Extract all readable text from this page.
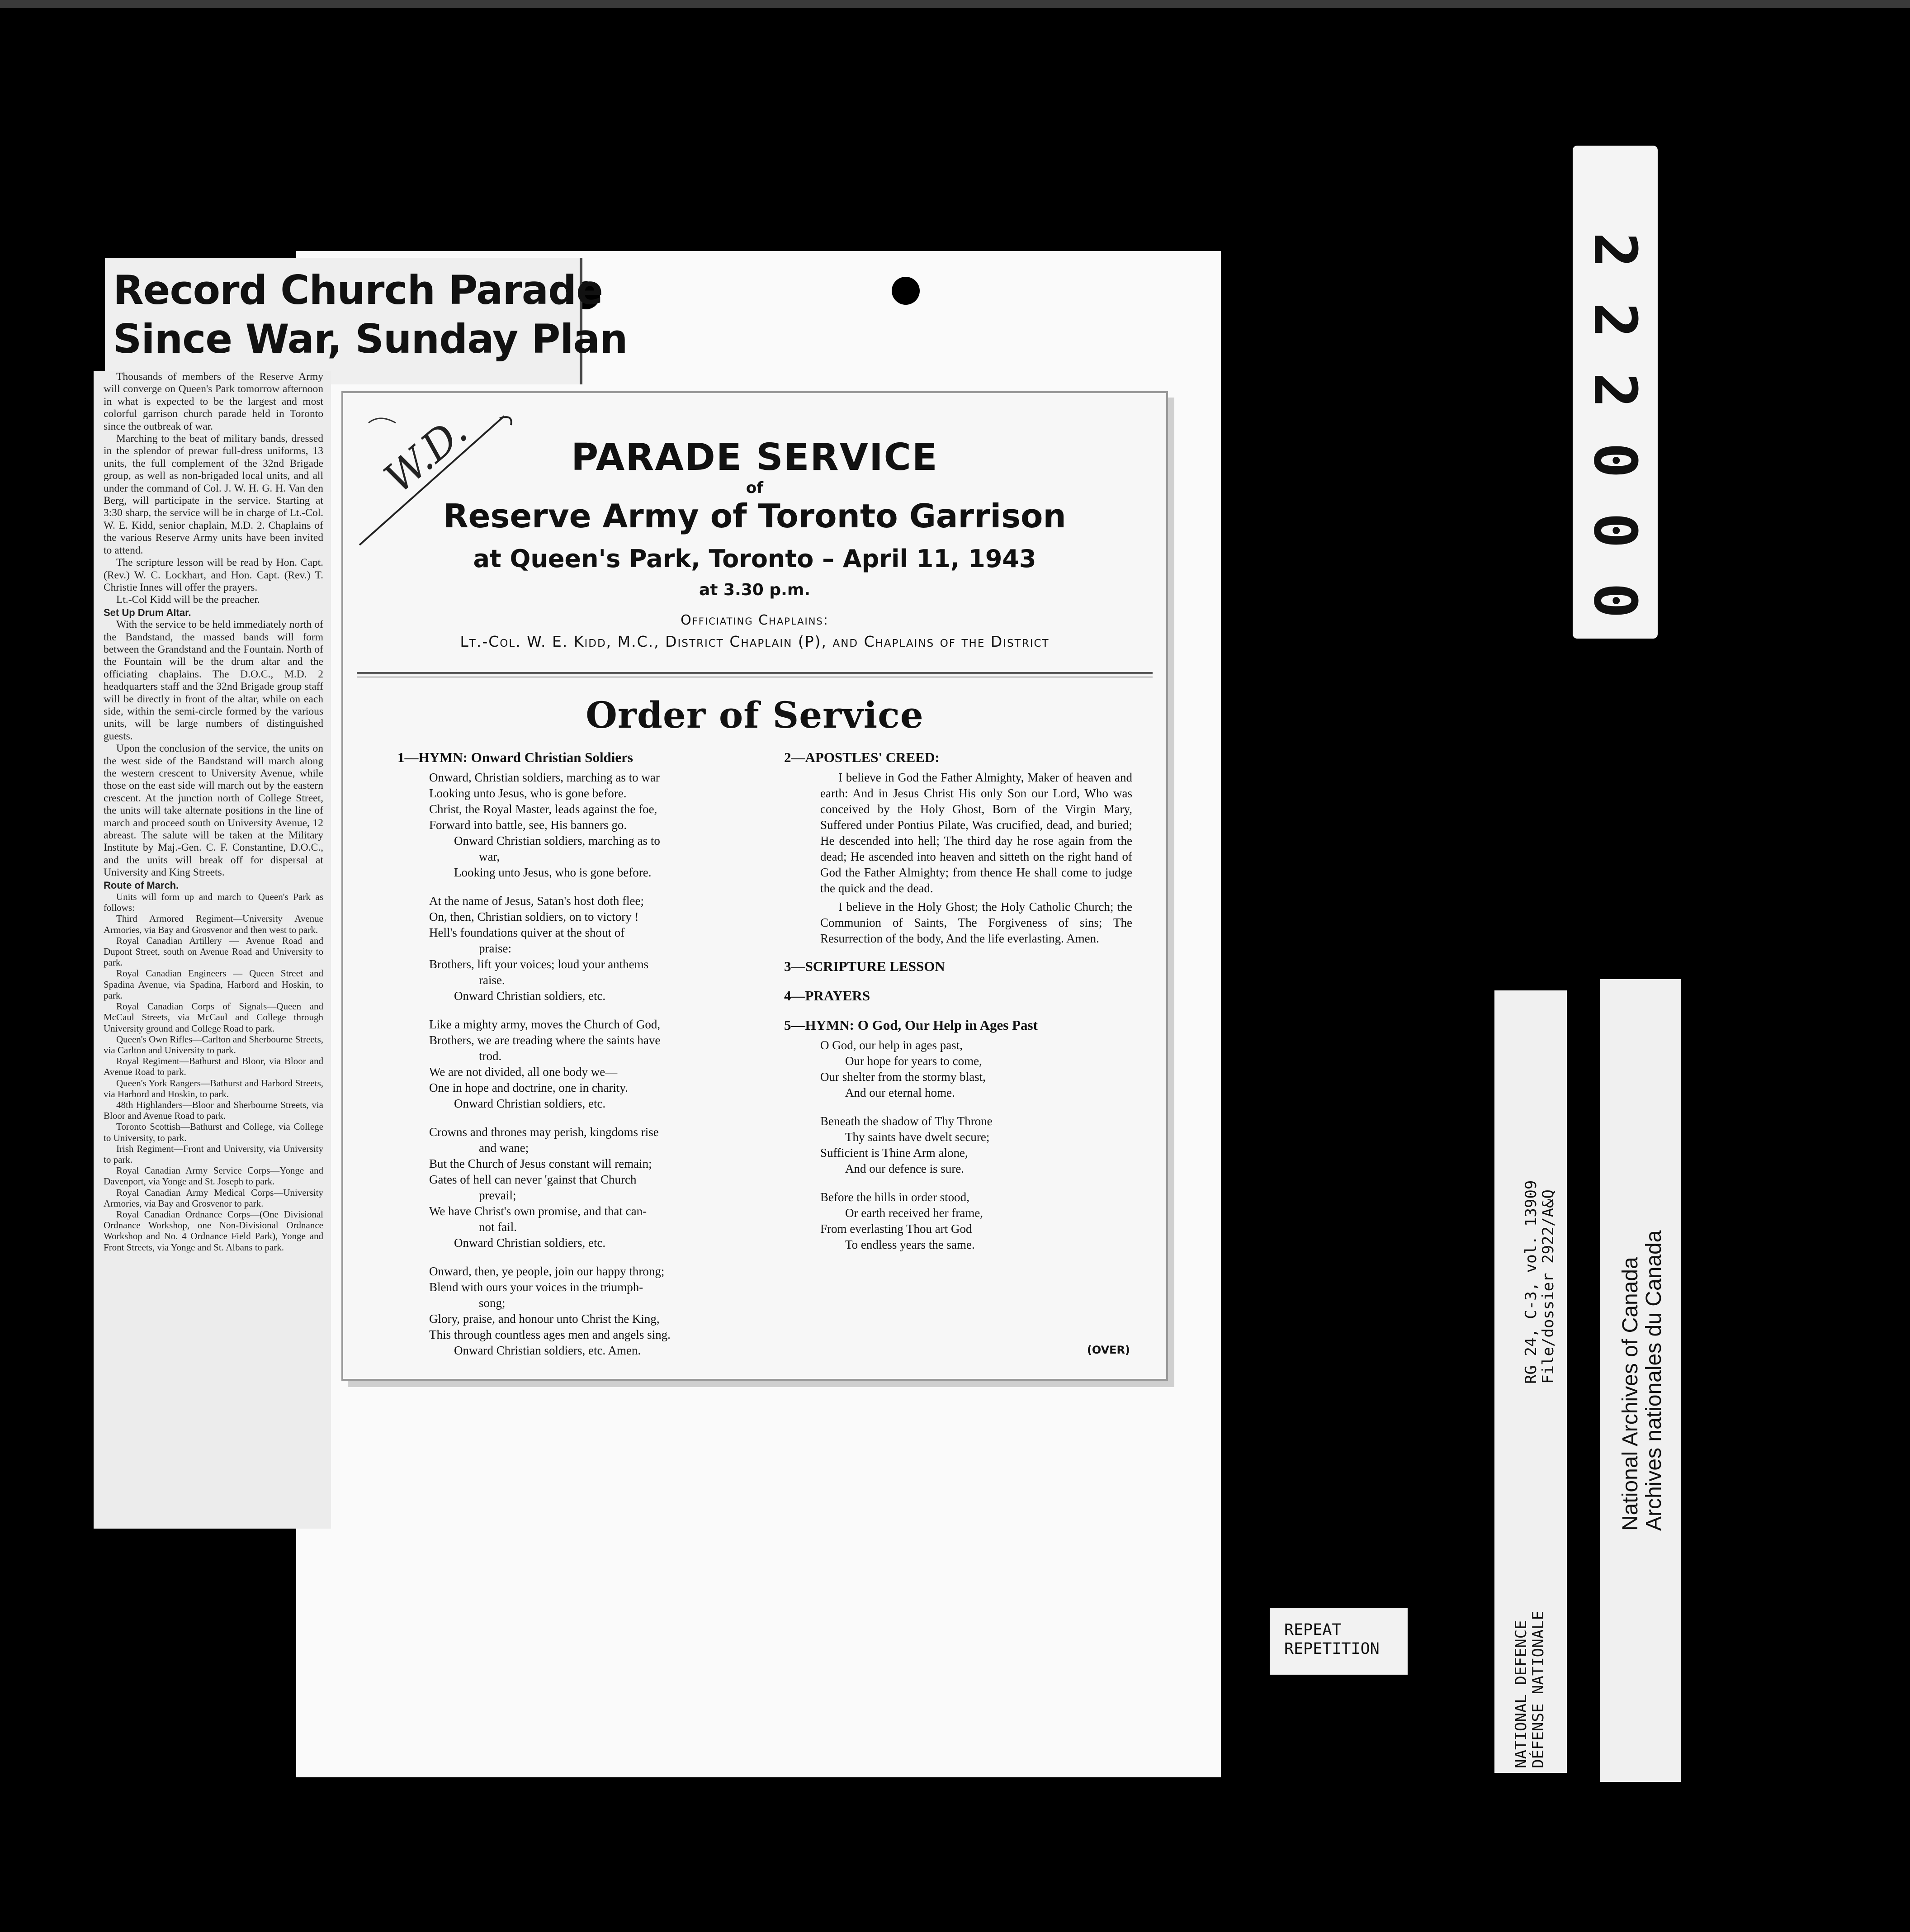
Record Church Parade
Since War, Sunday Plan

Thousands of members of the Reserve Army will converge on Queen's Park tomorrow afternoon in what is expected to be the largest and most colorful garrison church parade held in Toronto since the outbreak of war.

Marching to the beat of military bands, dressed in the splendor of prewar full-dress uniforms, 13 units, the full complement of the 32nd Brigade group, as well as non-brigaded local units, and all under the command of Col. J. W. H. G. H. Van den Berg, will participate in the service. Starting at 3:30 sharp, the service will be in charge of Lt.-Col. W. E. Kidd, senior chaplain, M.D. 2. Chaplains of the various Reserve Army units have been invited to attend.

The scripture lesson will be read by Hon. Capt. (Rev.) W. C. Lockhart, and Hon. Capt. (Rev.) T. Christie Innes will offer the prayers.

Lt.-Col Kidd will be the preacher.

Set Up Drum Altar.

With the service to be held immediately north of the Bandstand, the massed bands will form between the Grandstand and the Fountain. North of the Fountain will be the drum altar and the officiating chaplains. The D.O.C., M.D. 2 headquarters staff and the 32nd Brigade group staff will be directly in front of the altar, while on each side, within the semi-circle formed by the various units, will be large numbers of distinguished guests.

Upon the conclusion of the service, the units on the west side of the Bandstand will march along the western crescent to University Avenue, while those on the east side will march out by the eastern crescent. At the junction north of College Street, the units will take alternate positions in the line of march and proceed south on University Avenue, 12 abreast. The salute will be taken at the Military Institute by Maj.-Gen. C. F. Constantine, D.O.C., and the units will break off for dispersal at University and King Streets.

Route of March.

Units will form up and march to Queen's Park as follows:

Third Armored Regiment—University Avenue Armories, via Bay and Grosvenor and then west to park.

Royal Canadian Artillery — Avenue Road and Dupont Street, south on Avenue Road and University to park.

Royal Canadian Engineers — Queen Street and Spadina Avenue, via Spadina, Harbord and Hoskin, to park.

Royal Canadian Corps of Signals—Queen and McCaul Streets, via McCaul and College through University ground and College Road to park.

Queen's Own Rifles—Carlton and Sherbourne Streets, via Carlton and University to park.

Royal Regiment—Bathurst and Bloor, via Bloor and Avenue Road to park.

Queen's York Rangers—Bathurst and Harbord Streets, via Harbord and Hoskin, to park.

48th Highlanders—Bloor and Sherbourne Streets, via Bloor and Avenue Road to park.

Toronto Scottish—Bathurst and College, via College to University, to park.

Irish Regiment—Front and University, via University to park.

Royal Canadian Army Service Corps—Yonge and Davenport, via Yonge and St. Joseph to park.

Royal Canadian Army Medical Corps—University Armories, via Bay and Grosvenor to park.

Royal Canadian Ordnance Corps—(One Divisional Ordnance Workshop, one Non-Divisional Ordnance Workshop and No. 4 Ordnance Field Park), Yonge and Front Streets, via Yonge and St. Albans to park.

PARADE SERVICE
of
Reserve Army of Toronto Garrison
at Queen's Park, Toronto – April 11, 1943
at 3.30 p.m.
Officiating Chaplains:
Lt.-Col. W. E. Kidd, M.C., District Chaplain (P), and Chaplains of the District
Order of Service
1—HYMN: Onward Christian Soldiers
Onward, Christian soldiers, marching as to war
Looking unto Jesus, who is gone before.
Christ, the Royal Master, leads against the foe,
Forward into battle, see, His banners go.
Onward Christian soldiers, marching as to
war,
Looking unto Jesus, who is gone before.
At the name of Jesus, Satan's host doth flee;
On, then, Christian soldiers, on to victory !
Hell's foundations quiver at the shout of
praise:
Brothers, lift your voices; loud your anthems
raise.
Onward Christian soldiers, etc.
Like a mighty army, moves the Church of God,
Brothers, we are treading where the saints have
trod.
We are not divided, all one body we—
One in hope and doctrine, one in charity.
Onward Christian soldiers, etc.
Crowns and thrones may perish, kingdoms rise
and wane;
But the Church of Jesus constant will remain;
Gates of hell can never 'gainst that Church
prevail;
We have Christ's own promise, and that can-
not fail.
Onward Christian soldiers, etc.
Onward, then, ye people, join our happy throng;
Blend with ours your voices in the triumph-
song;
Glory, praise, and honour unto Christ the King,
This through countless ages men and angels sing.
Onward Christian soldiers, etc. Amen.
2—APOSTLES' CREED:

I believe in God the Father Almighty, Maker of heaven and earth: And in Jesus Christ His only Son our Lord, Who was conceived by the Holy Ghost, Born of the Virgin Mary, Suffered under Pontius Pilate, Was crucified, dead, and buried; He descended into hell; The third day he rose again from the dead; He ascended into heaven and sitteth on the right hand of God the Father Almighty; from thence He shall come to judge the quick and the dead.

I believe in the Holy Ghost; the Holy Catholic Church; the Communion of Saints, The Forgiveness of sins; The Resurrection of the body, And the life everlasting. Amen.

3—SCRIPTURE LESSON
4—PRAYERS
5—HYMN: O God, Our Help in Ages Past
O God, our help in ages past,
Our hope for years to come,
Our shelter from the stormy blast,
And our eternal home.
Beneath the shadow of Thy Throne
Thy saints have dwelt secure;
Sufficient is Thine Arm alone,
And our defence is sure.
Before the hills in order stood,
Or earth received her frame,
From everlasting Thou art God
To endless years the same.
(OVER)
W.D.
0
0
0
2
2
2
NATIONAL DEFENCE
DÉFENSE NATIONALE
RG 24, C-3, vol. 13909
File/dossier 2922/A&Q	National Archives of Canada Archives nationales du Canada
REPEAT
REPETITION
